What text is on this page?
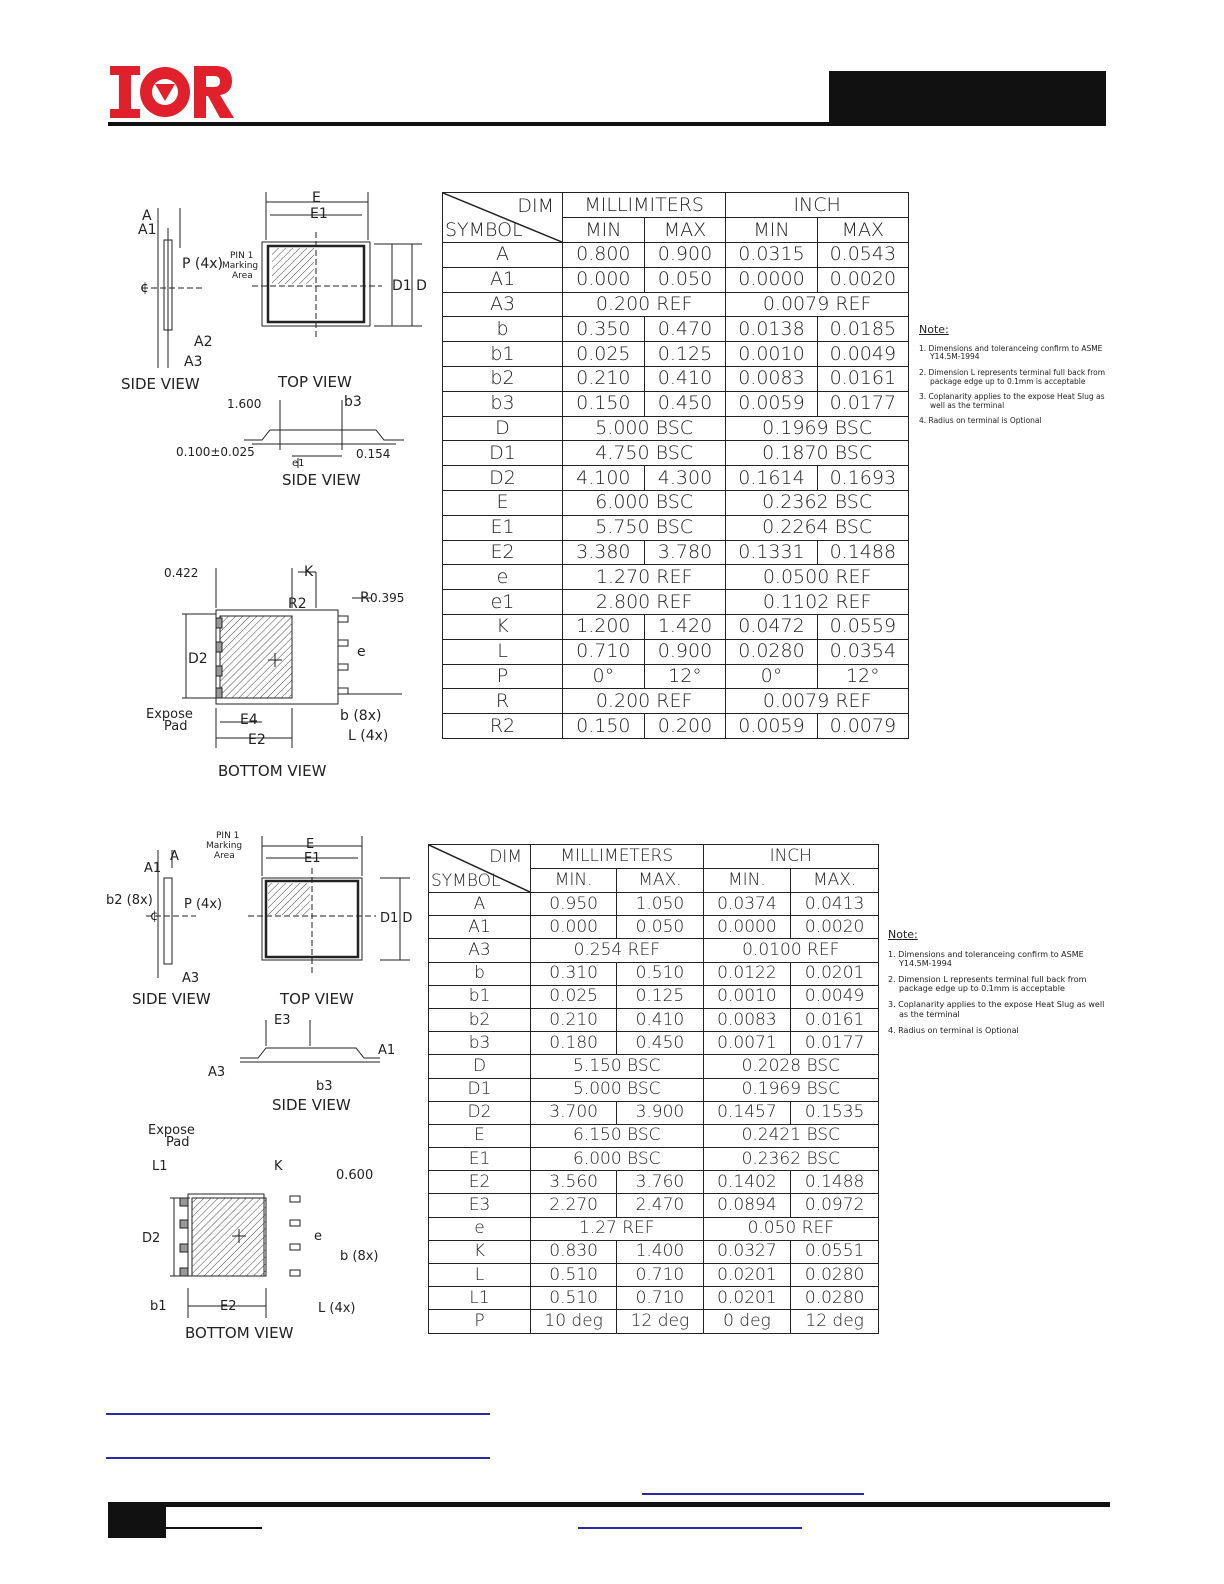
A
A1
P (4x)
¢
A2
A3
E
E1
D1 D
R2	R
e
D2
E4
E2
b (8x)
L (4x)
K
e1
b3
SIDE VIEW	TOP VIEW
SIDE VIEW
BOTTOM VIEW
1.600
0.100±0.025	0.154
0.422
0.395
PIN 1
Marking
Area
Expose
Pad
DIM
SYMBOL	MILLIMITERS		INCH	
	MIN	MAX	MIN	MAX
A	0.800	0.900	0.0315	0.0543
A1	0.000	0.050	0.0000	0.0020
A3	0.200 REF		0.0079 REF	
b	0.350	0.470	0.0138	0.0185
b1	0.025	0.125	0.0010	0.0049
b2	0.210	0.410	0.0083	0.0161
b3	0.150	0.450	0.0059	0.0177
D	5.000 BSC		0.1969 BSC	
D1	4.750 BSC		0.1870 BSC	
D2	4.100	4.300	0.1614	0.1693
E	6.000 BSC		0.2362 BSC	
E1	5.750 BSC		0.2264 BSC	
E2	3.380	3.780	0.1331	0.1488
e	1.270 REF		0.0500 REF	
e1	2.800 REF		0.1102 REF	
K	1.200	1.420	0.0472	0.0559
L	0.710	0.900	0.0280	0.0354
P	0°	12°	0°	12°
R	0.200 REF		0.0079 REF	
R2	0.150	0.200	0.0059	0.0079
Note:
1. Dimensions and toleranceing confirm to ASME Y14.5M-1994
2. Dimension L represents terminal full back from package edge up to 0.1mm is acceptable
3. Coplanarity applies to the expose Heat Slug as well as the terminal
4. Radius on terminal is Optional
A
A1
b2 (8x) P (4x)
¢
A3
E
E1
D1 D
E3
A3
A1
b3
D2
L1	K
e
b (8x)
b1	E2	L (4x)
SIDE VIEW	TOP VIEW
SIDE VIEW
BOTTOM VIEW
PIN 1
Marking
Area
Expose
Pad
0.600
DIM
SYMBOL	MILLIMETERS		INCH	
	MIN.	MAX.	MIN.	MAX.
A	0.950	1.050	0.0374	0.0413
A1	0.000	0.050	0.0000	0.0020
A3	0.254 REF		0.0100 REF	
b	0.310	0.510	0.0122	0.0201
b1	0.025	0.125	0.0010	0.0049
b2	0.210	0.410	0.0083	0.0161
b3	0.180	0.450	0.0071	0.0177
D	5.150 BSC		0.2028 BSC	
D1	5.000 BSC		0.1969 BSC	
D2	3.700	3.900	0.1457	0.1535
E	6.150 BSC		0.2421 BSC	
E1	6.000 BSC		0.2362 BSC	
E2	3.560	3.760	0.1402	0.1488
E3	2.270	2.470	0.0894	0.0972
e	1.27 REF		0.050 REF	
K	0.830	1.400	0.0327	0.0551
L	0.510	0.710	0.0201	0.0280
L1	0.510	0.710	0.0201	0.0280
P	10 deg	12 deg	0 deg	12 deg
Note:
1. Dimensions and toleranceing confirm to ASME Y14.5M-1994
2. Dimension L represents terminal full back from package edge up to 0.1mm is acceptable
3. Coplanarity applies to the expose Heat Slug as well as the terminal
4. Radius on terminal is Optional
